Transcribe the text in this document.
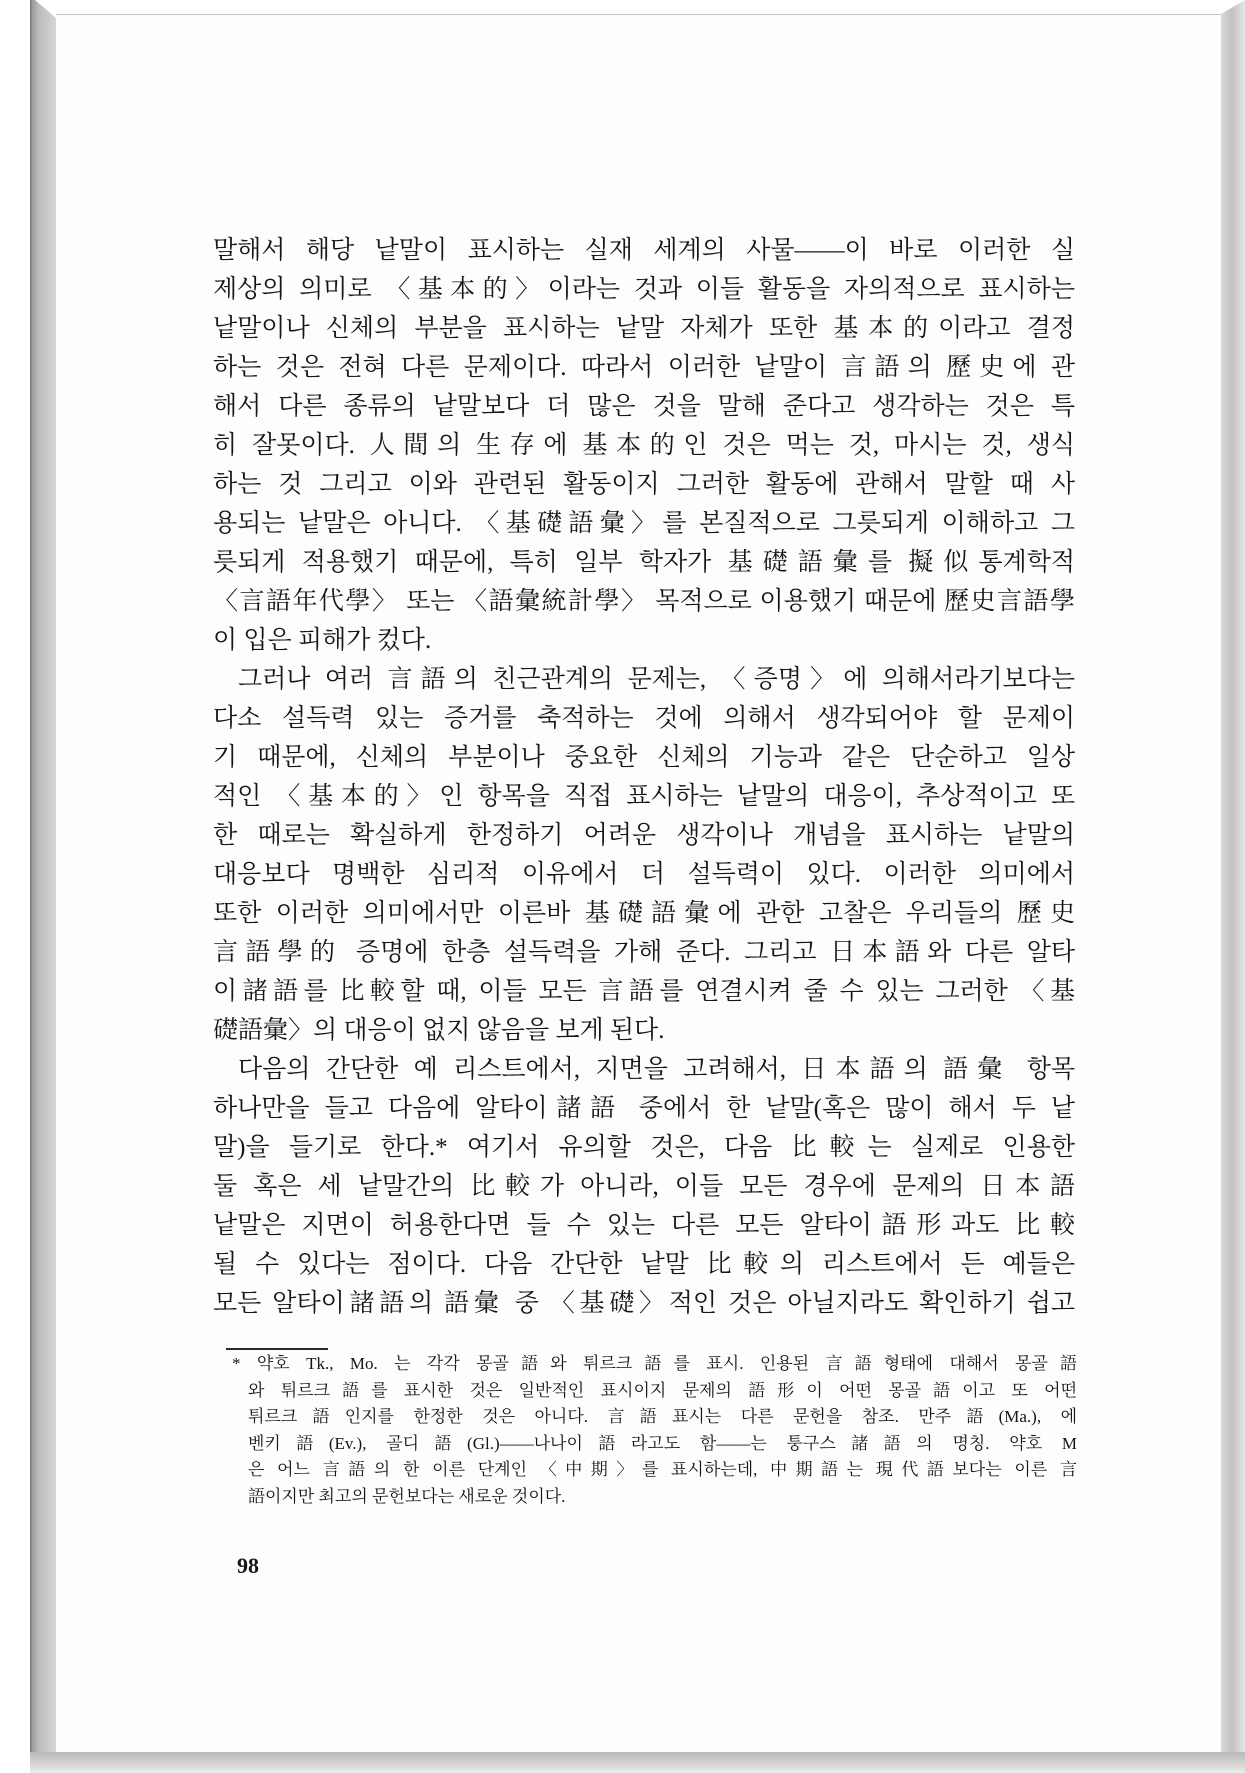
말해서 해당 낱말이 표시하는 실재 세계의 사물——이 바로 이러한 실
제상의 의미로 〈基本的〉이라는 것과 이들 활동을 자의적으로 표시하는
낱말이나 신체의 부분을 표시하는 낱말 자체가 또한 基本的이라고 결정
하는 것은 전혀 다른 문제이다. 따라서 이러한 낱말이 言語의 歷史에 관
해서 다른 종류의 낱말보다 더 많은 것을 말해 준다고 생각하는 것은 특
히 잘못이다. 人間의 生存에 基本的인 것은 먹는 것, 마시는 것, 생식
하는 것 그리고 이와 관련된 활동이지 그러한 활동에 관해서 말할 때 사
용되는 낱말은 아니다. 〈基礎語彙〉를 본질적으로 그릇되게 이해하고 그
릇되게 적용했기 때문에, 특히 일부 학자가 基礎語彙를 擬似통계학적
〈言語年代學〉 또는 〈語彙統計學〉 목적으로 이용했기 때문에 歷史言語學
이 입은 피해가 컸다.
그러나 여러 言語의 친근관계의 문제는, 〈증명〉에 의해서라기보다는
다소 설득력 있는 증거를 축적하는 것에 의해서 생각되어야 할 문제이
기 때문에, 신체의 부분이나 중요한 신체의 기능과 같은 단순하고 일상
적인 〈基本的〉인 항목을 직접 표시하는 낱말의 대응이, 추상적이고 또
한 때로는 확실하게 한정하기 어려운 생각이나 개념을 표시하는 낱말의
대응보다 명백한 심리적 이유에서 더 설득력이 있다. 이러한 의미에서
또한 이러한 의미에서만 이른바 基礎語彙에 관한 고찰은 우리들의 歷史
言語學的 증명에 한층 설득력을 가해 준다. 그리고 日本語와 다른 알타
이諸語를 比較할 때, 이들 모든 言語를 연결시켜 줄 수 있는 그러한 〈基
礎語彙〉의 대응이 없지 않음을 보게 된다.
다음의 간단한 예 리스트에서, 지면을 고려해서, 日本語의 語彙 항목
하나만을 들고 다음에 알타이諸語 중에서 한 낱말(혹은 많이 해서 두 낱
말)을 들기로 한다.* 여기서 유의할 것은, 다음 比較는 실제로 인용한
둘 혹은 세 낱말간의 比較가 아니라, 이들 모든 경우에 문제의 日本語
낱말은 지면이 허용한다면 들 수 있는 다른 모든 알타이語形과도 比較
될 수 있다는 점이다. 다음 간단한 낱말 比較의 리스트에서 든 예들은
모든 알타이諸語의 語彙 중 〈基礎〉적인 것은 아닐지라도 확인하기 쉽고
* 약호 Tk., Mo. 는 각각 몽골語와 튀르크語를 표시. 인용된 言語형태에 대해서 몽골語
와 튀르크語를 표시한 것은 일반적인 표시이지 문제의 語形이 어떤 몽골語이고 또 어떤
튀르크語인지를 한정한 것은 아니다. 言語표시는 다른 문헌을 참조. 만주語(Ma.), 에
벤키語(Ev.), 골디語(Gl.)——나나이語라고도 함——는 퉁구스諸語의 명칭. 약호 M
은 어느 言語의 한 이른 단계인 〈中期〉를 표시하는데, 中期語는 現代語보다는 이른 言
語이지만 최고의 문헌보다는 새로운 것이다.
98
